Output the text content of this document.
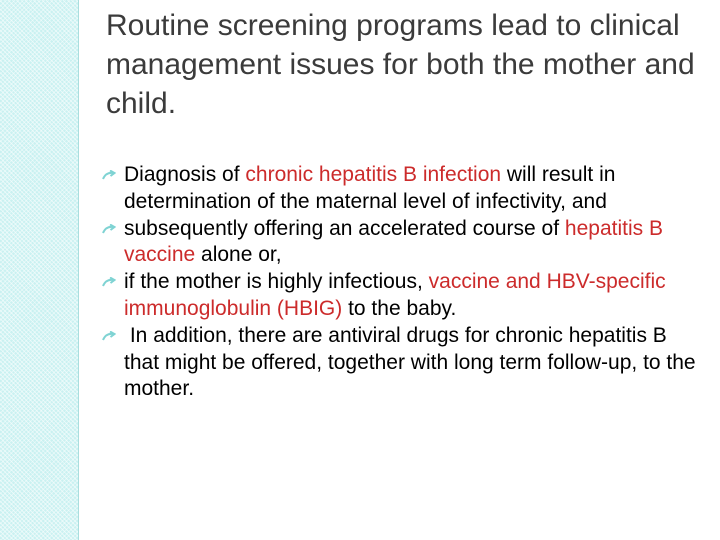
Routine screening programs lead to clinical management issues for both the mother and child.
Diagnosis of chronic hepatitis B infection will result in determination of the maternal level of infectivity, and
subsequently offering an accelerated course of hepatitis B vaccine alone or,
if the mother is highly infectious, vaccine and HBV-specific immunoglobulin (HBIG) to the baby.
In addition, there are antiviral drugs for chronic hepatitis B that might be offered, together with long term follow-up, to the mother.
